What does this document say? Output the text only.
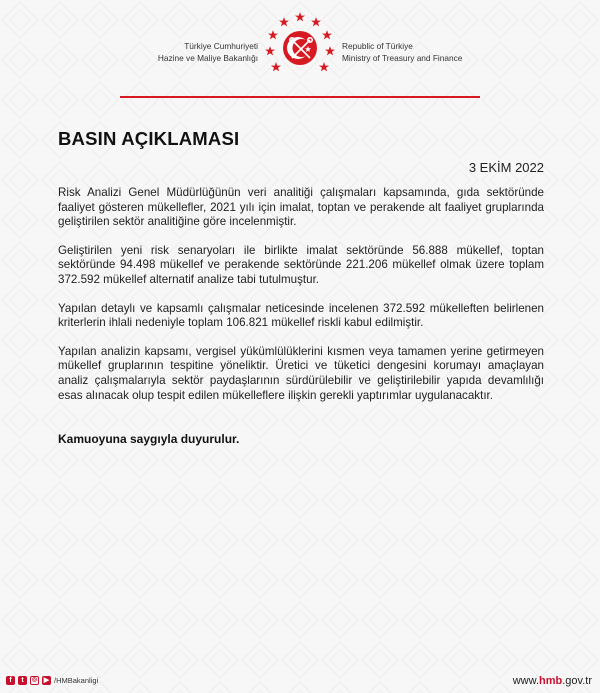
Türkiye Cumhuriyeti
Hazine ve Maliye Bakanlığı
Republic of Türkiye
Ministry of Treasury and Finance
BASIN AÇIKLAMASI
3 EKİM 2022

Risk Analizi Genel Müdürlüğünün veri analitiği çalışmaları kapsamında, gıda sektöründe faaliyet gösteren mükellefler, 2021 yılı için imalat, toptan ve perakende alt faaliyet gruplarında geliştirilen sektör analitiğine göre incelenmiştir.

Geliştirilen yeni risk senaryoları ile birlikte imalat sektöründe 56.888 mükellef, toptan sektöründe 94.498 mükellef ve perakende sektöründe 221.206 mükellef olmak üzere toplam 372.592 mükellef alternatif analize tabi tutulmuştur.

Yapılan detaylı ve kapsamlı çalışmalar neticesinde incelenen 372.592 mükelleften belirlenen kriterlerin ihlali nedeniyle toplam 106.821 mükellef riskli kabul edilmiştir.

Yapılan analizin kapsamı, vergisel yükümlülüklerini kısmen veya tamamen yerine getirmeyen mükellef gruplarının tespitine yöneliktir. Üretici ve tüketici dengesini korumayı amaçlayan analiz çalışmalarıyla sektör paydaşlarının sürdürülebilir ve geliştirilebilir yapıda devamlılığı esas alınacak olup tespit edilen mükelleflere ilişkin gerekli yaptırımlar uygulanacaktır.

Kamuoyuna saygıyla duyurulur.
f	t	◎ ▶ /HMBakanligi	www.hmb.gov.tr
